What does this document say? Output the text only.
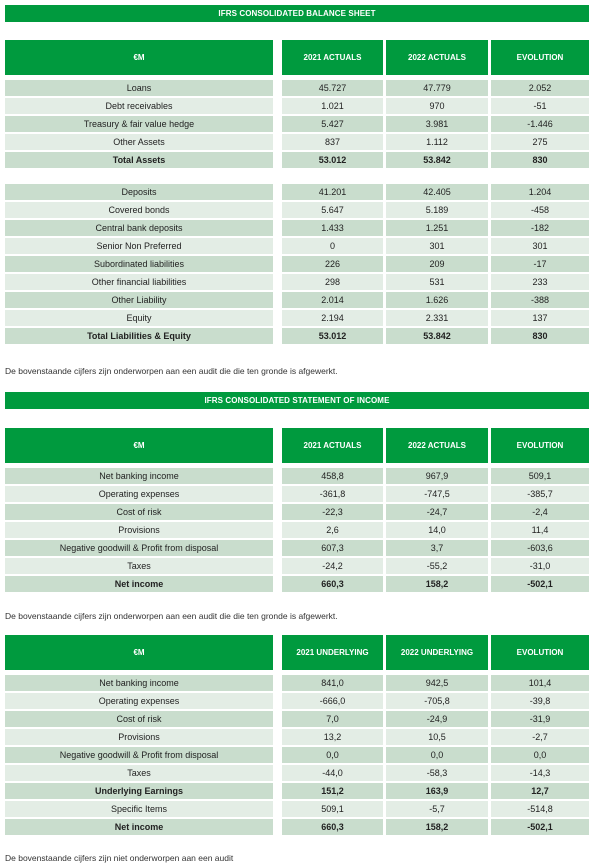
IFRS CONSOLIDATED BALANCE SHEET
€M	2021 ACTUALS	2022 ACTUALS	EVOLUTION
Loans	45.727	47.779	2.052
Debt receivables	1.021	970	-51
Treasury & fair value hedge	5.427	3.981	-1.446
Other Assets	837	1.112	275
Total Assets	53.012	53.842	830
Deposits	41.201	42.405	1.204
Covered bonds	5.647	5.189	-458
Central bank deposits	1.433	1.251	-182
Senior Non Preferred	0	301	301
Subordinated liabilities	226	209	-17
Other financial liabilities	298	531	233
Other Liability	2.014	1.626	-388
Equity	2.194	2.331	137
Total Liabilities & Equity	53.012	53.842	830
De bovenstaande cijfers zijn onderworpen aan een audit die die ten gronde is afgewerkt.
IFRS CONSOLIDATED STATEMENT OF INCOME
€M	2021 ACTUALS	2022 ACTUALS	EVOLUTION
Net banking income	458,8	967,9	509,1
Operating expenses	-361,8	-747,5	-385,7
Cost of risk	-22,3	-24,7	-2,4
Provisions	2,6	14,0	11,4
Negative goodwill & Profit from disposal	607,3	3,7	-603,6
Taxes	-24,2	-55,2	-31,0
Net income	660,3	158,2	-502,1
De bovenstaande cijfers zijn onderworpen aan een audit die die ten gronde is afgewerkt.
€M	2021 UNDERLYING	2022 UNDERLYING	EVOLUTION
Net banking income	841,0	942,5	101,4
Operating expenses	-666,0	-705,8	-39,8
Cost of risk	7,0	-24,9	-31,9
Provisions	13,2	10,5	-2,7
Negative goodwill & Profit from disposal	0,0	0,0	0,0
Taxes	-44,0	-58,3	-14,3
Underlying Earnings	151,2	163,9	12,7
Specific Items	509,1	-5,7	-514,8
Net income	660,3	158,2	-502,1
De bovenstaande cijfers zijn niet onderworpen aan een audit
